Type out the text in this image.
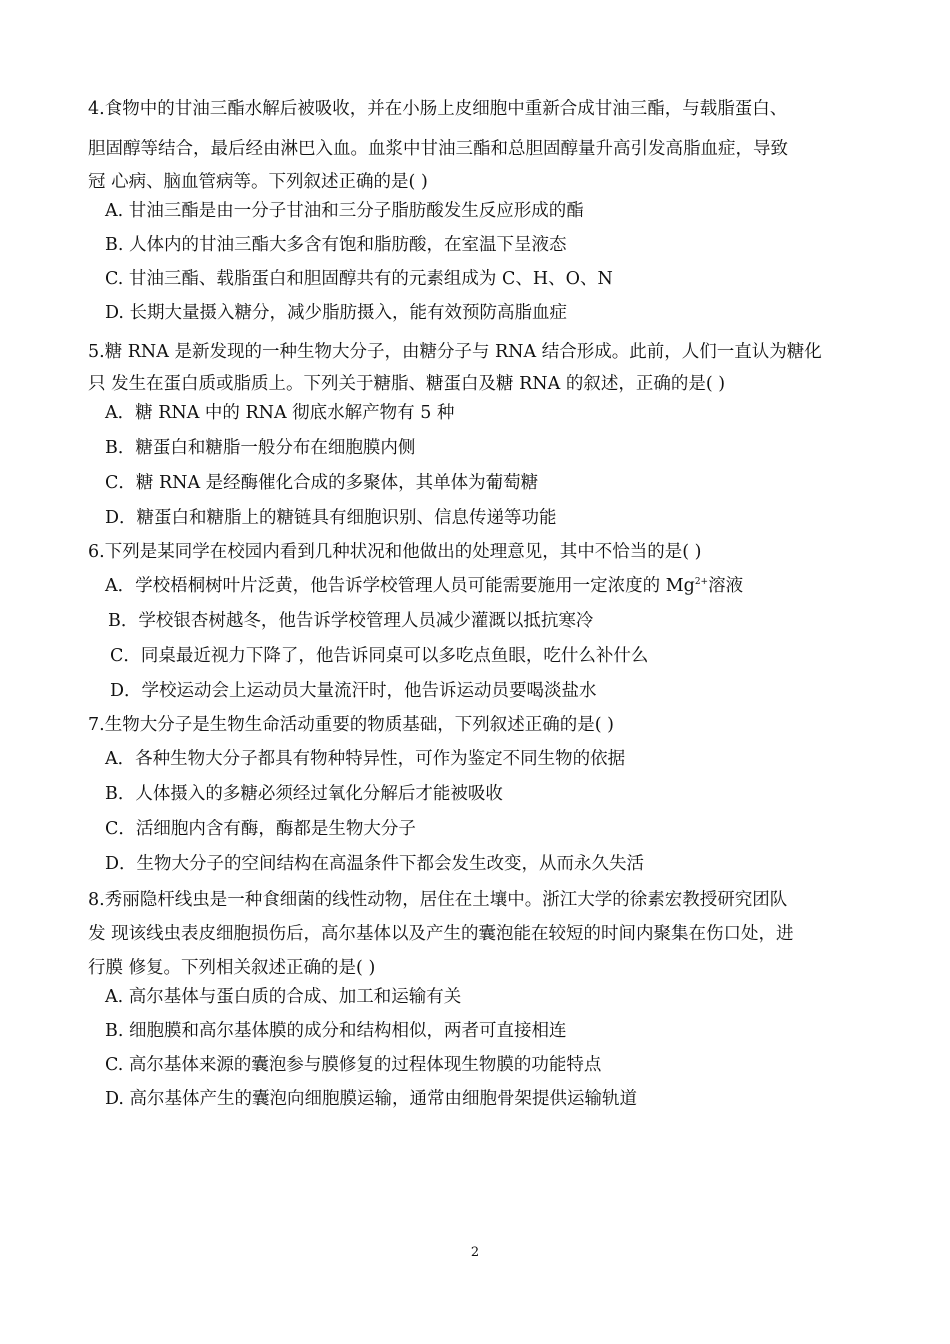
4.食物中的甘油三酯水解后被吸收，并在小肠上皮细胞中重新合成甘油三酯，与载脂蛋白、
胆固醇等结合，最后经由淋巴入血。血浆中甘油三酯和总胆固醇量升高引发高脂血症，导致
冠 心病、脑血管病等。下列叙述正确的是( )
A. 甘油三酯是由一分子甘油和三分子脂肪酸发生反应形成的酯
B. 人体内的甘油三酯大多含有饱和脂肪酸，在室温下呈液态
C. 甘油三酯、载脂蛋白和胆固醇共有的元素组成为 C、H、O、N
D. 长期大量摄入糖分，减少脂肪摄入，能有效预防高脂血症
5.糖 RNA 是新发现的一种生物大分子，由糖分子与 RNA 结合形成。此前，人们一直认为糖化
只 发生在蛋白质或脂质上。下列关于糖脂、糖蛋白及糖 RNA 的叙述，正确的是( )
A．糖 RNA 中的 RNA 彻底水解产物有 5 种
B．糖蛋白和糖脂一般分布在细胞膜内侧
C．糖 RNA 是经酶催化合成的多聚体，其单体为葡萄糖
D．糖蛋白和糖脂上的糖链具有细胞识别、信息传递等功能
6.下列是某同学在校园内看到几种状况和他做出的处理意见，其中不恰当的是( )
A．学校梧桐树叶片泛黄，他告诉学校管理人员可能需要施用一定浓度的 $Mg^{2+}$溶液
B．学校银杏树越冬，他告诉学校管理人员减少灌溉以抵抗寒冷
C．同桌最近视力下降了，他告诉同桌可以多吃点鱼眼，吃什么补什么
D．学校运动会上运动员大量流汗时，他告诉运动员要喝淡盐水
7.生物大分子是生物生命活动重要的物质基础，下列叙述正确的是( )
A．各种生物大分子都具有物种特异性，可作为鉴定不同生物的依据
B．人体摄入的多糖必须经过氧化分解后才能被吸收
C．活细胞内含有酶，酶都是生物大分子
D．生物大分子的空间结构在高温条件下都会发生改变，从而永久失活
8.秀丽隐杆线虫是一种食细菌的线性动物，居住在土壤中。浙江大学的徐素宏教授研究团队
发 现该线虫表皮细胞损伤后，高尔基体以及产生的囊泡能在较短的时间内聚集在伤口处，进
行膜 修复。下列相关叙述正确的是( )
A. 高尔基体与蛋白质的合成、加工和运输有关
B. 细胞膜和高尔基体膜的成分和结构相似，两者可直接相连
C. 高尔基体来源的囊泡参与膜修复的过程体现生物膜的功能特点
D. 高尔基体产生的囊泡向细胞膜运输，通常由细胞骨架提供运输轨道
2
